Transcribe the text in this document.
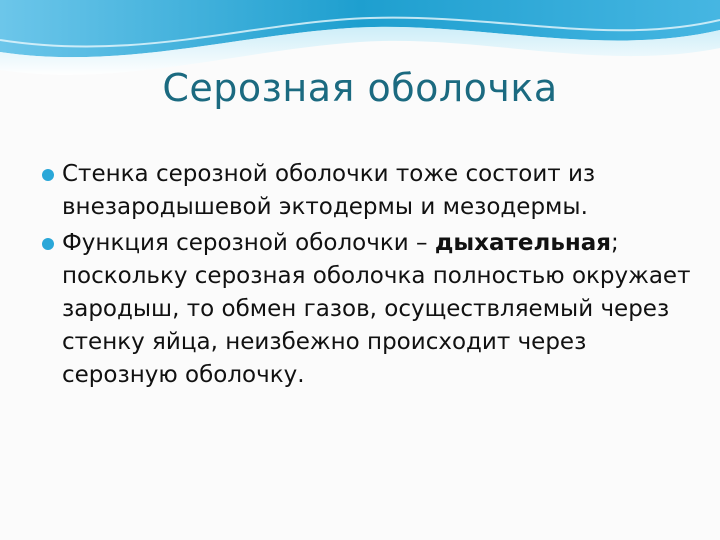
Серозная оболочка
Стенка серозной оболочки тоже состоит из внезародышевой эктодермы и мезодермы.
Функция серозной оболочки – дыхательная; поскольку серозная оболочка полностью окружает зародыш, то обмен газов, осуществляемый через стенку яйца, неизбежно происходит через серозную оболочку.
